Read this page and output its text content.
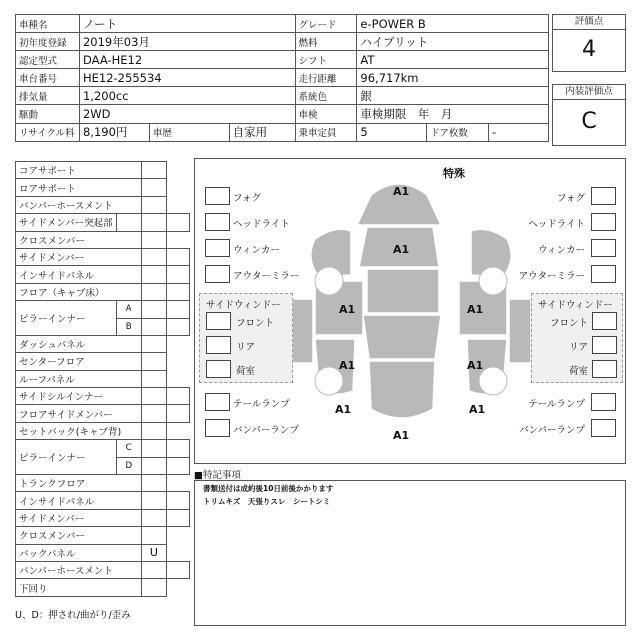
車種名	ノート			グレード	e-POWER B		
初年度登録	2019年03月			燃料	ハイブリット		
認定型式	DAA-HE12			シフト	AT		
車台番号	HE12-255534			走行距離	96,717km		
排気量	1,200cc			系統色	銀		
駆動	2WD			車検	車検期限　年　月		
リサイクル料	8,190円	車歴	自家用	乗車定員	5	ドア枚数	-
評価点
4
内装評価点
C
コアサポート			
ロアサポート			
バンパーホースメント			
サイドメンバー突起部			
クロスメンバー			
サイドメンバー			
インサイドパネル			
フロア（キャブ床）			
ピラーインナー	A		
	B		
ダッシュパネル			
センターフロア			
ルーフパネル			
サイドシルインナー			
フロアサイドメンバー			
セットバック(キャブ背)			
ピラーインナー	C		
	D		
トランクフロア			
インサイドパネル			
サイドメンバー			
クロスメンバー			
バックパネル		U	
バンパーホースメント			
下回り			
U、D：押され/曲がり/歪み
特殊
A1
A1
A1	A1
A1	A1
A1	A1
A1
フォグ
ヘッドライト
ウィンカー
アウターミラー
フォグ
ヘッドライト
ウィンカー
アウターミラー
サイドウィンドー
フロント
リア
荷室
サイドウィンドー
フロント
リア
荷室
テールランプ
バンパーランプ
テールランプ
バンパーランプ
■特記事項
書類送付は成約後10日前後かかります
トリムキズ　天張りスレ　シートシミ
